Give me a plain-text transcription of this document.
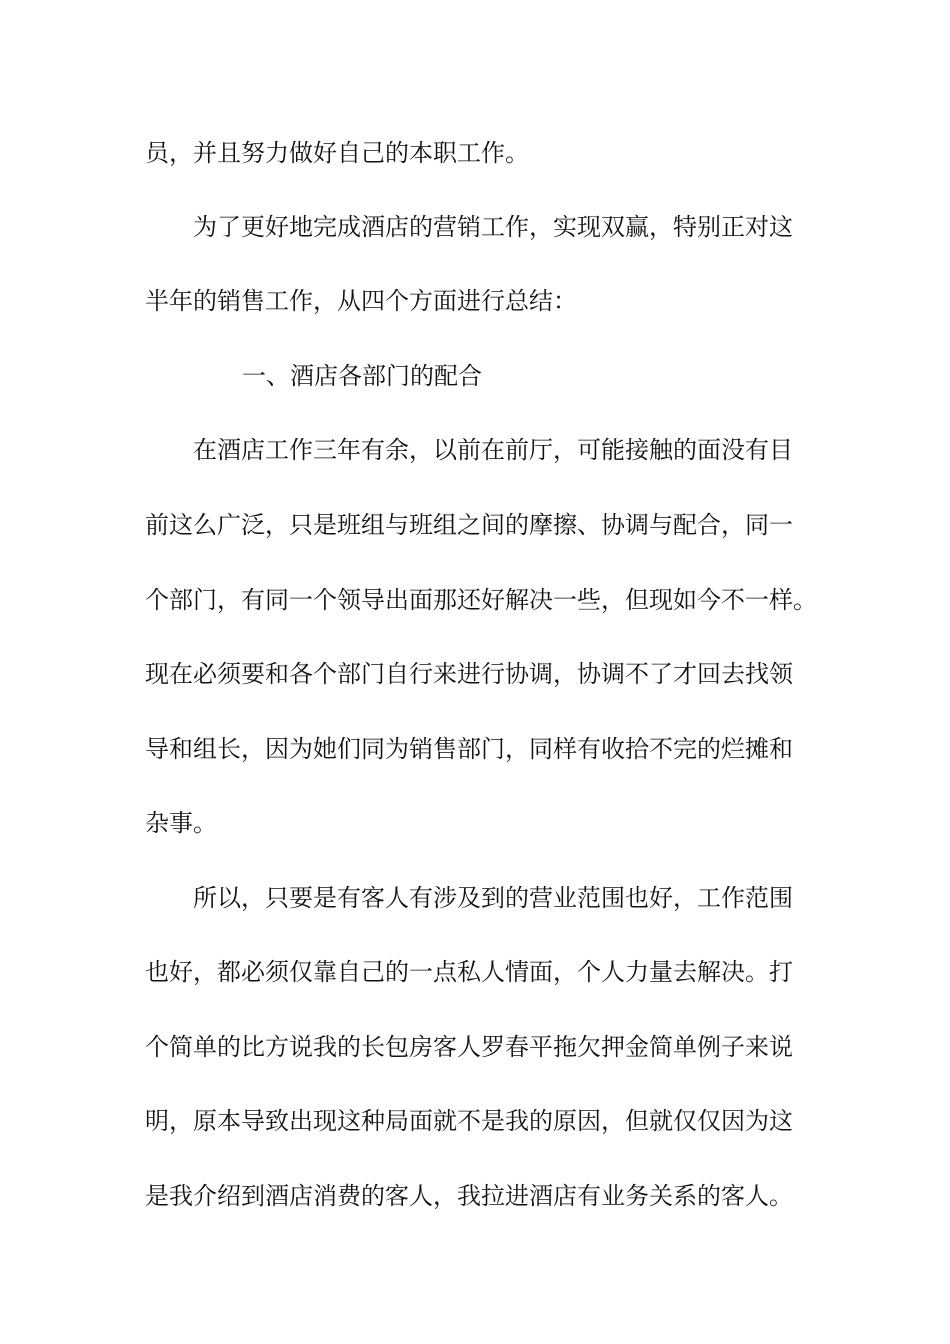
员，并且努力做好自己的本职工作。
为了更好地完成酒店的营销工作，实现双赢，特别正对这
半年的销售工作，从四个方面进行总结：
一、酒店各部门的配合
在酒店工作三年有余，以前在前厅，可能接触的面没有目
前这么广泛，只是班组与班组之间的摩擦、协调与配合，同一
个部门，有同一个领导出面那还好解决一些，但现如今不一样。
现在必须要和各个部门自行来进行协调，协调不了才回去找领
导和组长，因为她们同为销售部门，同样有收拾不完的烂摊和
杂事。
所以，只要是有客人有涉及到的营业范围也好，工作范围
也好，都必须仅靠自己的一点私人情面，个人力量去解决。打
个简单的比方说我的长包房客人罗春平拖欠押金简单例子来说
明，原本导致出现这种局面就不是我的原因，但就仅仅因为这
是我介绍到酒店消费的客人，我拉进酒店有业务关系的客人。
